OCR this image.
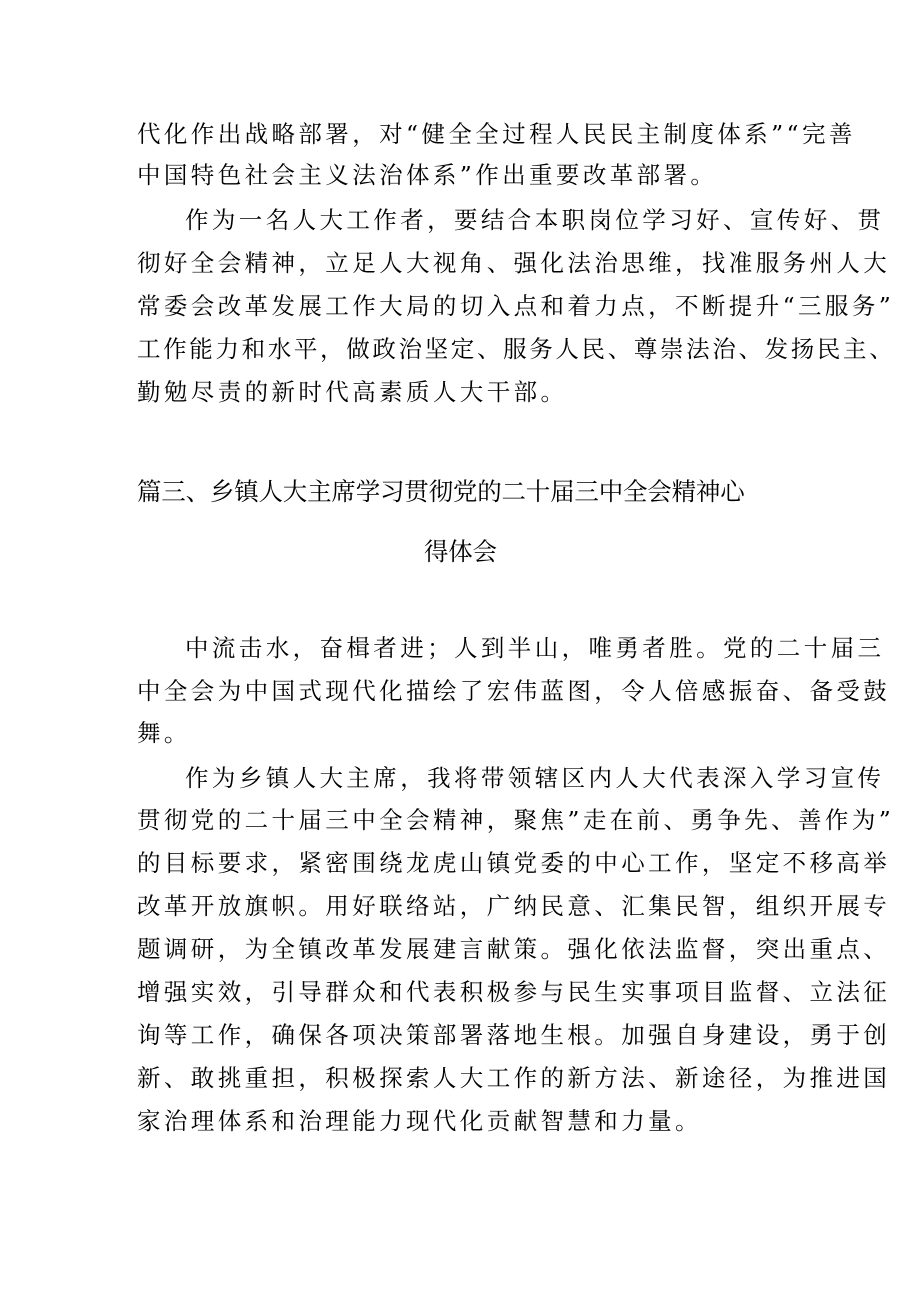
代化作出战略部署，对“健全全过程人民民主制度体系”“完善
中国特色社会主义法治体系”作出重要改革部署。
作为一名人大工作者，要结合本职岗位学习好、宣传好、贯
彻好全会精神，立足人大视角、强化法治思维，找准服务州人大
常委会改革发展工作大局的切入点和着力点，不断提升“三服务”
工作能力和水平，做政治坚定、服务人民、尊崇法治、发扬民主、
勤勉尽责的新时代高素质人大干部。
篇三、乡镇人大主席学习贯彻党的二十届三中全会精神心
得体会
中流击水，奋楫者进；人到半山，唯勇者胜。党的二十届三
中全会为中国式现代化描绘了宏伟蓝图，令人倍感振奋、备受鼓
舞。
作为乡镇人大主席，我将带领辖区内人大代表深入学习宣传
贯彻党的二十届三中全会精神，聚焦”走在前、勇争先、善作为”
的目标要求，紧密围绕龙虎山镇党委的中心工作，坚定不移高举
改革开放旗帜。用好联络站，广纳民意、汇集民智，组织开展专
题调研，为全镇改革发展建言献策。强化依法监督，突出重点、
增强实效，引导群众和代表积极参与民生实事项目监督、立法征
询等工作，确保各项决策部署落地生根。加强自身建设，勇于创
新、敢挑重担，积极探索人大工作的新方法、新途径，为推进国
家治理体系和治理能力现代化贡献智慧和力量。
